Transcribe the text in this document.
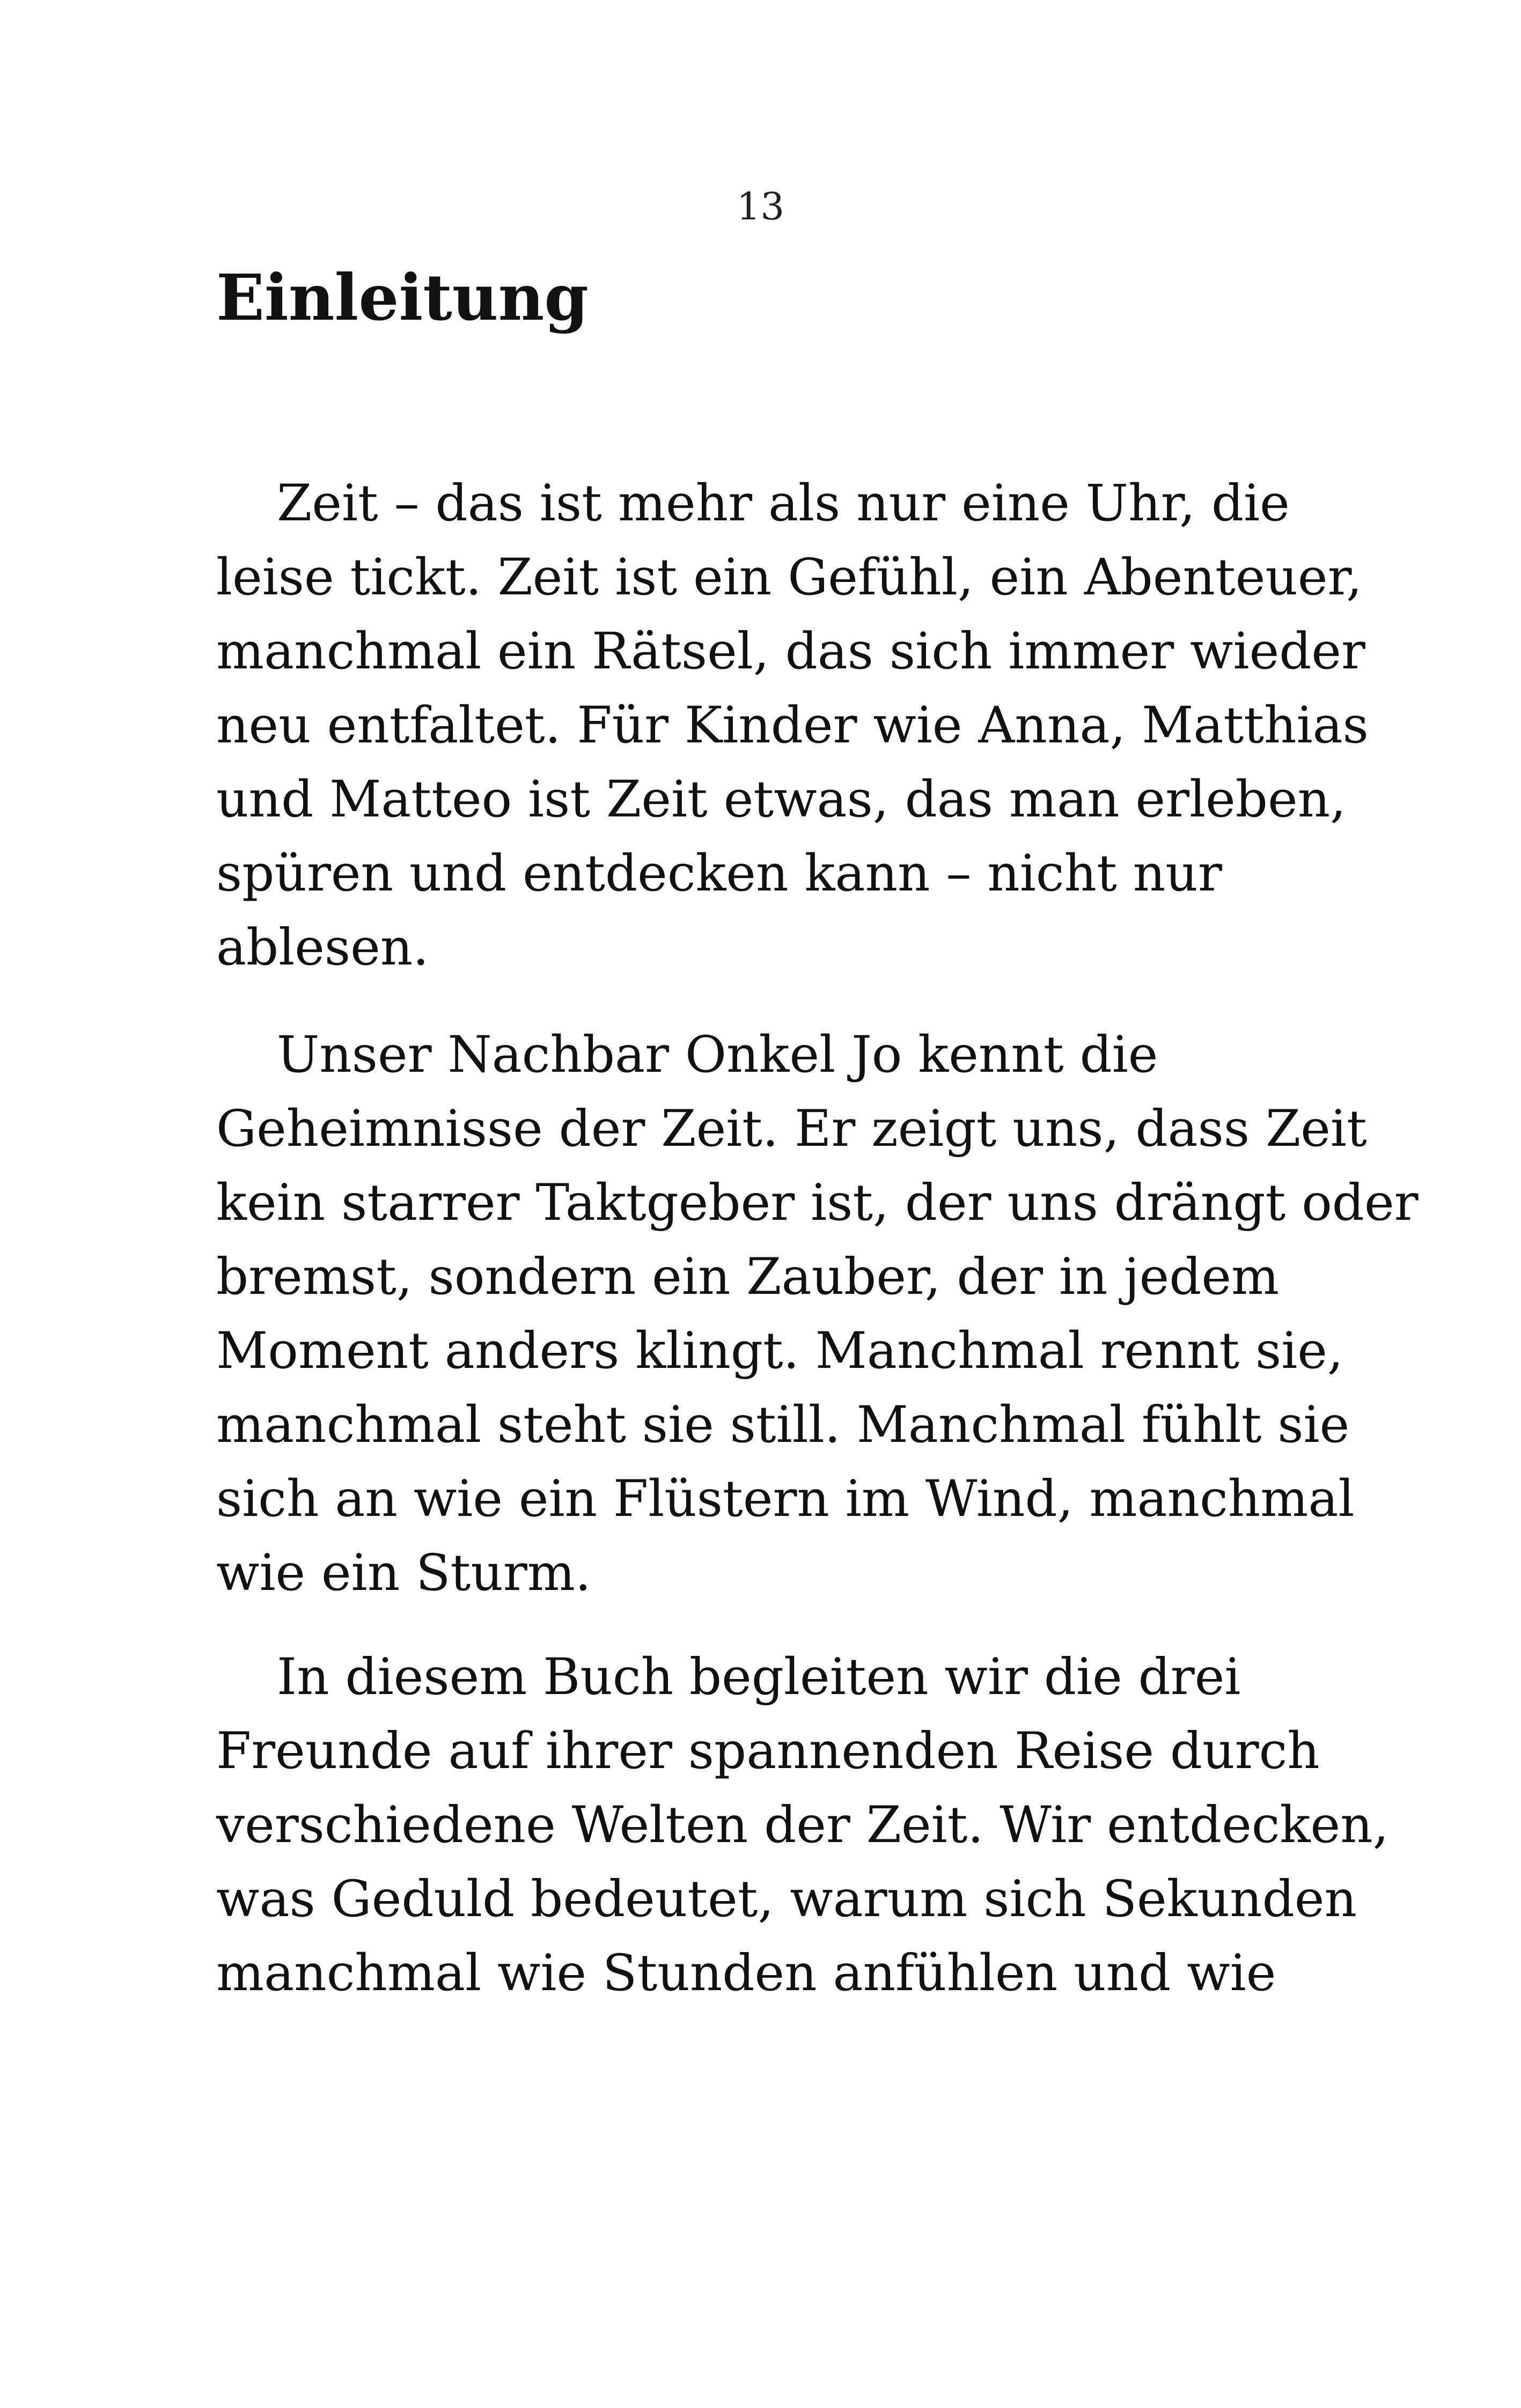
13
Einleitung
Zeit – das ist mehr als nur eine Uhr, die
leise tickt. Zeit ist ein Gefühl, ein Abenteuer,
manchmal ein Rätsel, das sich immer wieder
neu entfaltet. Für Kinder wie Anna, Matthias
und Matteo ist Zeit etwas, das man erleben,
spüren und entdecken kann – nicht nur
ablesen.
Unser Nachbar Onkel Jo kennt die
Geheimnisse der Zeit. Er zeigt uns, dass Zeit
kein starrer Taktgeber ist, der uns drängt oder
bremst, sondern ein Zauber, der in jedem
Moment anders klingt. Manchmal rennt sie,
manchmal steht sie still. Manchmal fühlt sie
sich an wie ein Flüstern im Wind, manchmal
wie ein Sturm.
In diesem Buch begleiten wir die drei
Freunde auf ihrer spannenden Reise durch
verschiedene Welten der Zeit. Wir entdecken,
was Geduld bedeutet, warum sich Sekunden
manchmal wie Stunden anfühlen und wie
